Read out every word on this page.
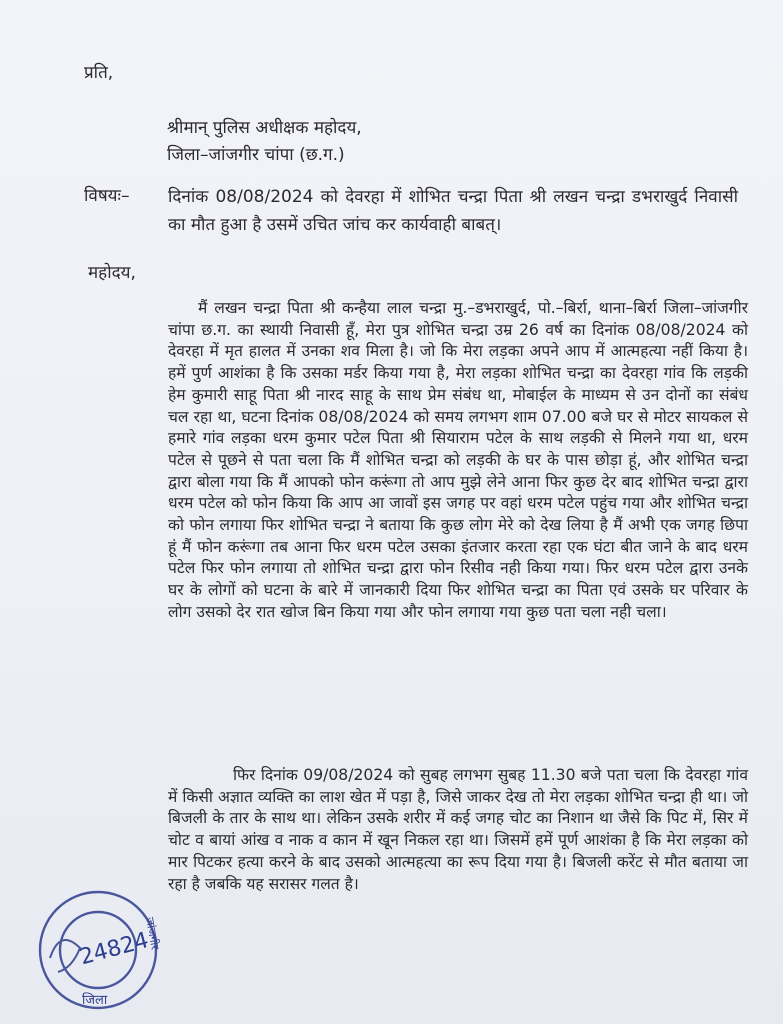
प्रति,
श्रीमान् पुलिस अधीक्षक महोदय,
जिला–जांजगीर चांपा (छ.ग.)
विषयः– दिनांक 08/08/2024 को देवरहा में शोभित चन्द्रा पिता श्री लखन चन्द्रा डभराखुर्द निवासी का मौत हुआ है उसमें उचित जांच कर कार्यवाही बाबत्।
महोदय,
मैं लखन चन्द्रा पिता श्री कन्हैया लाल चन्द्रा मु.–डभराखुर्द, पो.–बिर्रा, थाना–बिर्रा जिला–जांजगीर चांपा छ.ग. का स्थायी निवासी हूँ, मेरा पुत्र शोभित चन्द्रा उम्र 26 वर्ष का दिनांक 08/08/2024 को देवरहा में मृत हालत में उनका शव मिला है। जो कि मेरा लड़का अपने आप में आत्महत्या नहीं किया है। हमें पुर्ण आशंका है कि उसका मर्डर किया गया है, मेरा लड़का शोभित चन्द्रा का देवरहा गांव कि लड़की हेम कुमारी साहू पिता श्री नारद साहू के साथ प्रेम संबंध था, मोबाईल के माध्यम से उन दोनों का संबंध चल रहा था, घटना दिनांक 08/08/2024 को समय लगभग शाम 07.00 बजे घर से मोटर सायकल से हमारे गांव लड़का धरम कुमार पटेल पिता श्री सियाराम पटेल के साथ लड़की से मिलने गया था, धरम पटेल से पूछने से पता चला कि मैं शोभित चन्द्रा को लड़की के घर के पास छोड़ा हूं, और शोभित चन्द्रा द्वारा बोला गया कि मैं आपको फोन करूंगा तो आप मुझे लेने आना फिर कुछ देर बाद शोभित चन्द्रा द्वारा धरम पटेल को फोन किया कि आप आ जावों इस जगह पर वहां धरम पटेल पहुंच गया और शोभित चन्द्रा को फोन लगाया फिर शोभित चन्द्रा ने बताया कि कुछ लोग मेरे को देख लिया है मैं अभी एक जगह छिपा हूं मैं फोन करूंगा तब आना फिर धरम पटेल उसका इंतजार करता रहा एक घंटा बीत जाने के बाद धरम पटेल फिर फोन लगाया तो शोभित चन्द्रा द्वारा फोन रिसीव नही किया गया। फिर धरम पटेल द्वारा उनके घर के लोगों को घटना के बारे में जानकारी दिया फिर शोभित चन्द्रा का पिता एवं उसके घर परिवार के लोग उसको देर रात खोज बिन किया गया और फोन लगाया गया कुछ पता चला नही चला।
फिर दिनांक 09/08/2024 को सुबह लगभग सुबह 11.30 बजे पता चला कि देवरहा गांव में किसी अज्ञात व्यक्ति का लाश खेत में पड़ा है, जिसे जाकर देख तो मेरा लड़का शोभित चन्द्रा ही था। जो बिजली के तार के साथ था। लेकिन उसके शरीर में कई जगह चोट का निशान था जैसे कि पिट में, सिर में चोट व बायां आंख व नाक व कान में खून निकल रहा था। जिसमें हमें पूर्ण आशंका है कि मेरा लड़का को मार पिटकर हत्या करने के बाद उसको आत्महत्या का रूप दिया गया है। बिजली करेंट से मौत बताया जा रहा है जबकि यह सरासर गलत है।
24824
जिला
जांजगीर
